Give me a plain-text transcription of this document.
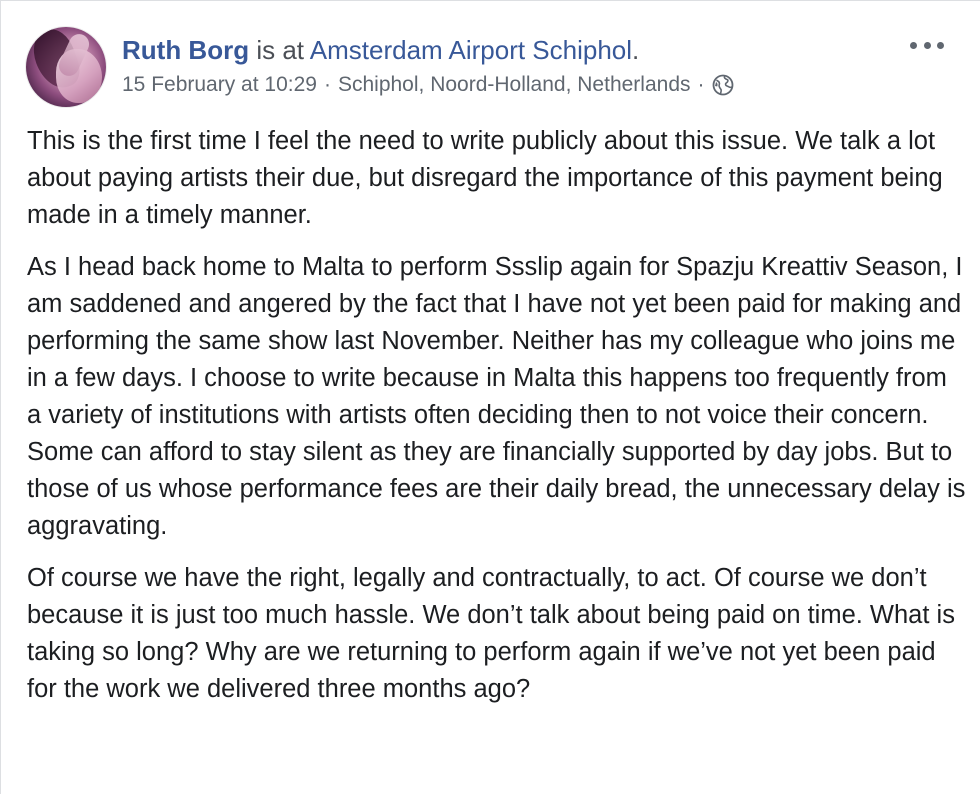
Ruth Borg is at Amsterdam Airport Schiphol.
15 February at 10:29 · Schiphol, Noord-Holland, Netherlands ·

This is the first time I feel the need to write publicly about this issue. We talk a lot about paying artists their due, but disregard the importance of this payment being made in a timely manner.

As I head back home to Malta to perform Ssslip again for Spazju Kreattiv Season, I am saddened and angered by the fact that I have not yet been paid for making and performing the same show last November. Neither has my colleague who joins me in a few days. I choose to write because in Malta this happens too frequently from a variety of institutions with artists often deciding then to not voice their concern. Some can afford to stay silent as they are financially supported by day jobs. But to those of us whose performance fees are their daily bread, the unnecessary delay is aggravating.

Of course we have the right, legally and contractually, to act. Of course we don’t because it is just too much hassle. We don’t talk about being paid on time. What is taking so long? Why are we returning to perform again if we’ve not yet been paid for the work we delivered three months ago?
